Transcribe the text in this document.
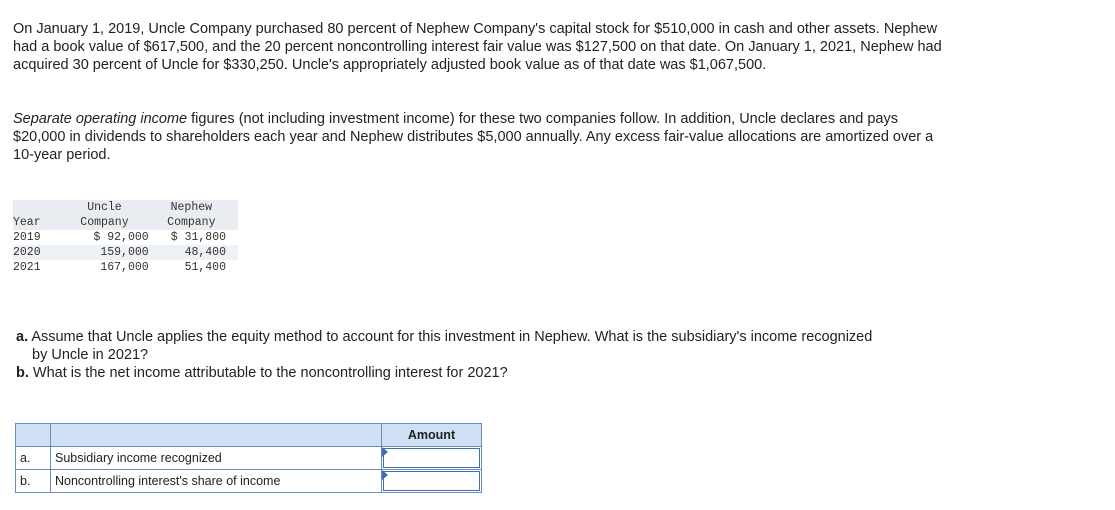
On January 1, 2019, Uncle Company purchased 80 percent of Nephew Company's capital stock for $510,000 in cash and other assets. Nephew had a book value of $617,500, and the 20 percent noncontrolling interest fair value was $127,500 on that date. On January 1, 2021, Nephew had acquired 30 percent of Uncle for $330,250. Uncle's appropriately adjusted book value as of that date was $1,067,500.

Separate operating income figures (not including investment income) for these two companies follow. In addition, Uncle declares and pays $20,000 in dividends to shareholders each year and Nephew distributes $5,000 annually. Any excess fair-value allocations are amortized over a 10-year period.

	Uncle	Nephew
Year	Company	Company
2019	$ 92,000	$ 31,800
2020	159,000	48,400
2021	167,000	51,400

a. Assume that Uncle applies the equity method to account for this investment in Nephew. What is the subsidiary's income recognized
by Uncle in 2021?

b. What is the net income attributable to the noncontrolling interest for 2021?

		Amount
a.	Subsidiary income recognized	

b.	Noncontrolling interest's share of income	
